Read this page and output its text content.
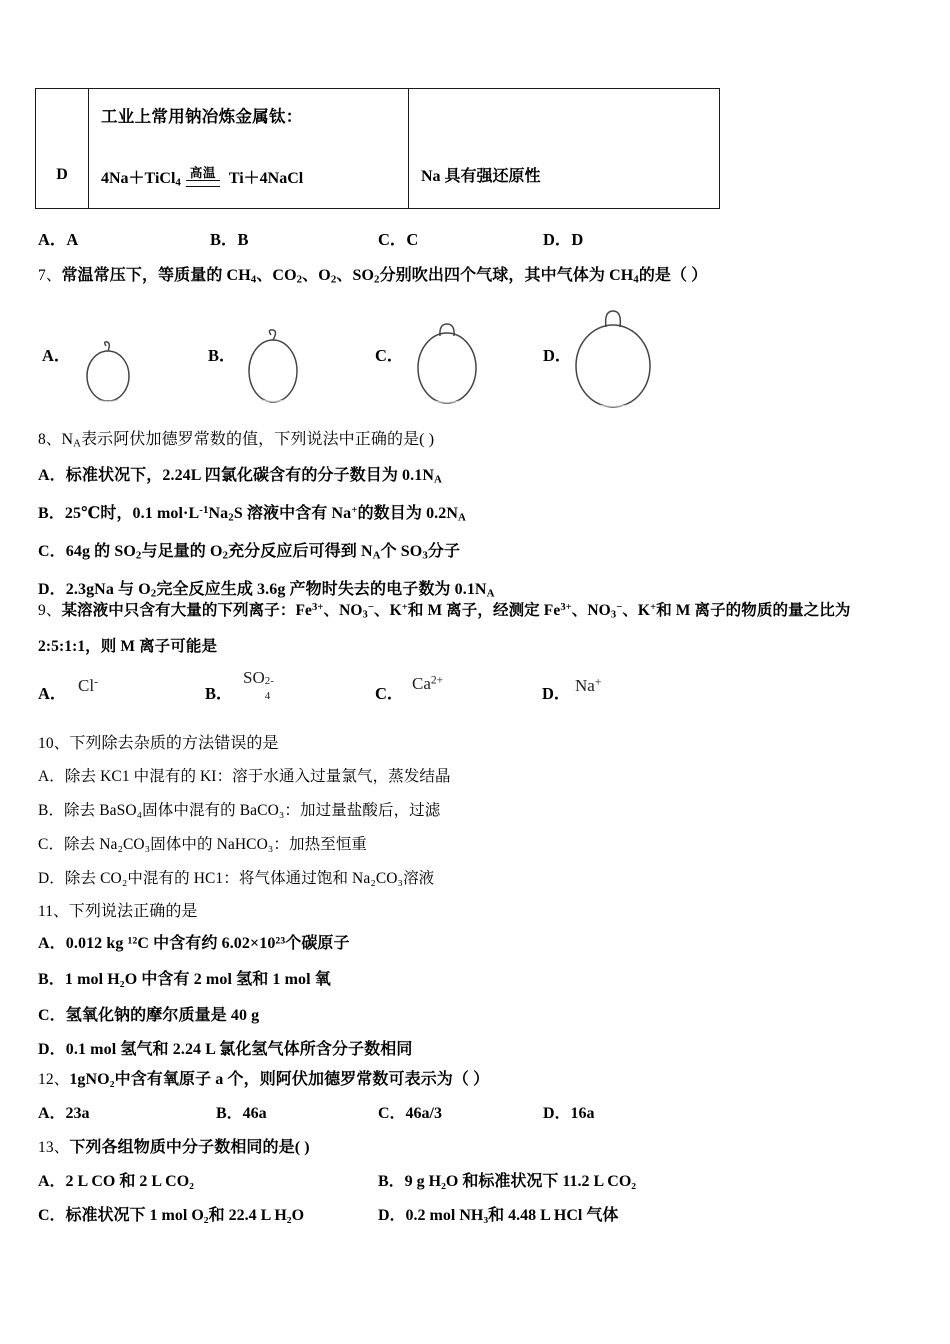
D

工业上常用钠冶炼金属钛：
4Na＋TiCl$_4$
高温 Ti＋4NaCl	Na 具有强还原性
A．A	B．B	C．C	D．D
7、常温常压下，等质量的 $CH_4$、$CO_2$、$O_2$、$SO_2$分别吹出四个气球，其中气体为 $CH_4$的是（ ）
A．	B．	C．	D．
8、$N_A$表示阿伏加德罗常数的值，下列说法中正确的是( )
A．标准状况下，2.24L 四氯化碳含有的分子数目为 $0.1N_A$
B．25℃时，0.1 $mol\cdot L^{-1}Na_2S$ 溶液中含有 Na+的数目为 $0.2N_A$
C．64g 的 $SO_2$与足量的 $O_2$充分反应后可得到 $N_A$个 $SO_3$分子
D．2.3gNa 与 $O_2$完全反应生成 3.6g 产物时失去的电子数为 $0.1N_A$
9、某溶液中只含有大量的下列离子：$Fe^{3+}$、$NO_3^-$、K+和 M 离子，经测定 $Fe^{3+}$、$NO_3^-$、K+和 M 离子的物质的量之比为
2:5:1:1，则 M 离子可能是
A． Cl-
B．
SO 2-
4	C．
$Ca^{2+}$
D． Na+
10、下列除去杂质的方法错误的是
A．除去 KC1 中混有的 KI：溶于水通入过量氯气，蒸发结晶
B．除去 BaSO₄固体中混有的 BaCO₃：加过量盐酸后，过滤
C．除去 Na₂CO₃固体中的 NaHCO₃：加热至恒重
D．除去 CO₂中混有的 HC1：将气体通过饱和 Na₂CO₃溶液
11、下列说法正确的是
A．0.012 kg ¹²C 中含有约 6.02×10²³个碳原子
B．1 mol H₂O 中含有 2 mol 氢和 1 mol 氧
C．氢氧化钠的摩尔质量是 40 g
D．0.1 mol 氢气和 2.24 L 氯化氢气体所含分子数相同
12、1gNO₂中含有氧原子 a 个，则阿伏加德罗常数可表示为（ ）
A．23a	B．46a	C．46a/3	D．16a
13、下列各组物质中分子数相同的是( )
A．2 L CO 和 2 L CO₂	B．9 g H₂O 和标准状况下 11.2 L CO₂
C．标准状况下 1 mol O₂和 22.4 L H₂O	D．0.2 mol NH₃和 4.48 L HCl 气体
